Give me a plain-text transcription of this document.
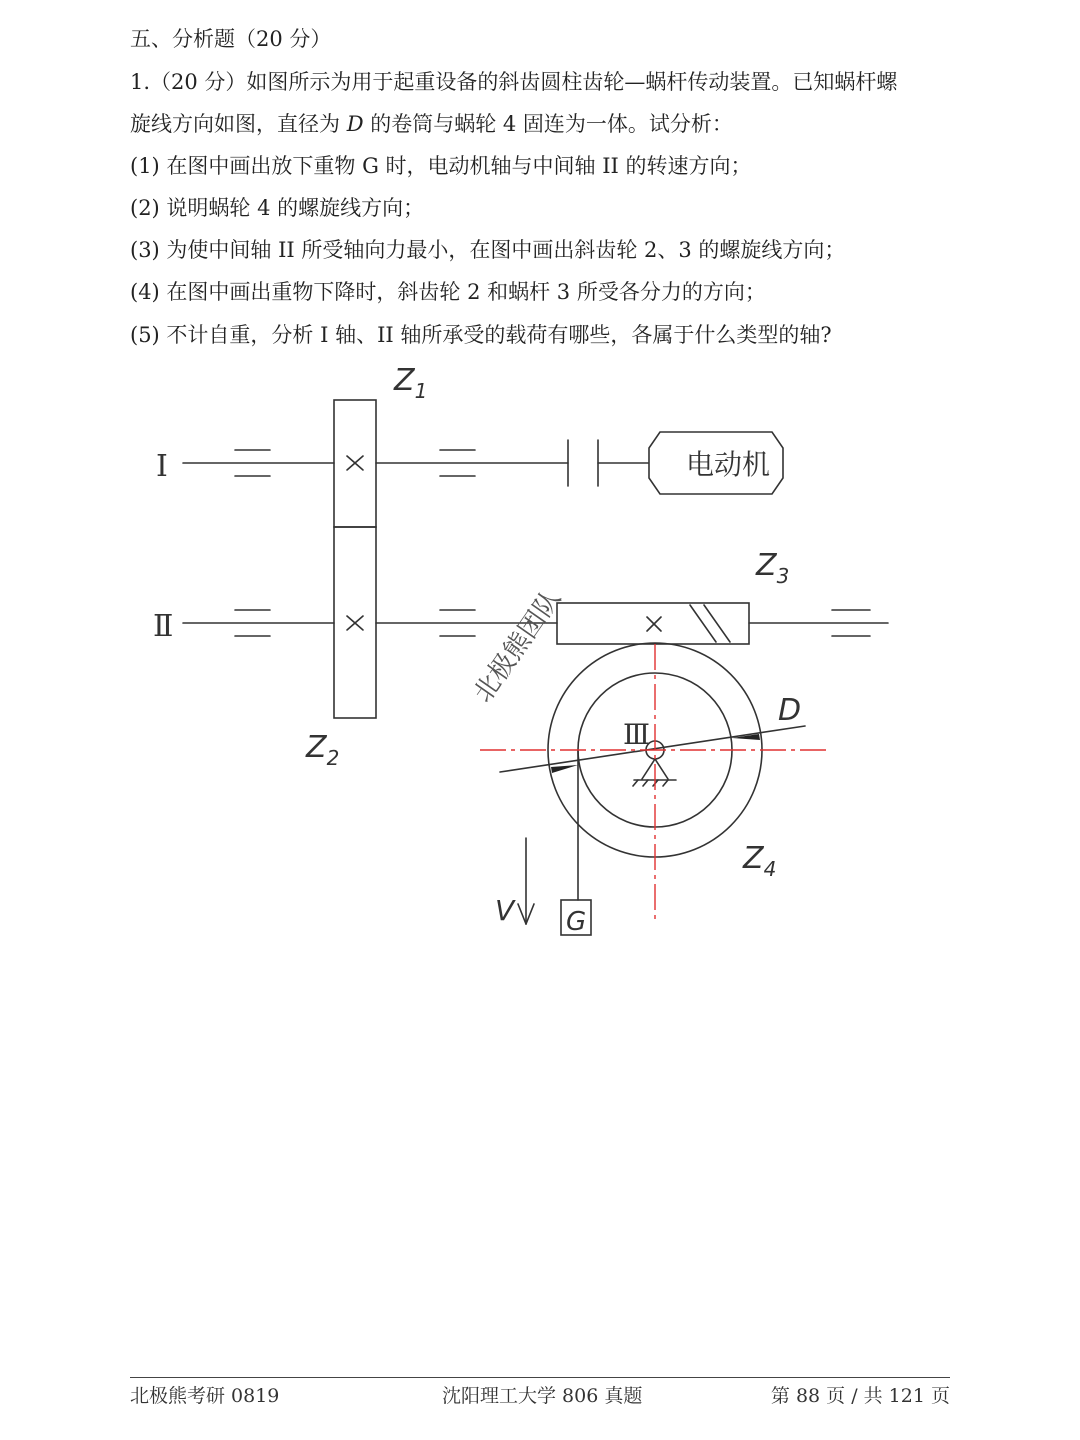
五、分析题（20 分）

1.（20 分）如图所示为用于起重设备的斜齿圆柱齿轮—蜗杆传动装置。已知蜗杆螺

旋线方向如图，直径为 D 的卷筒与蜗轮 4 固连为一体。试分析：

(1) 在图中画出放下重物 G 时，电动机轴与中间轴 II 的转速方向；

(2) 说明蜗轮 4 的螺旋线方向；

(3) 为使中间轴 II 所受轴向力最小，在图中画出斜齿轮 2、3 的螺旋线方向；

(4) 在图中画出重物下降时，斜齿轮 2 和蜗杆 3 所受各分力的方向；

(5) 不计自重，分析 I 轴、II 轴所承受的载荷有哪些，各属于什么类型的轴?

I
Ⅱ
Ⅲ
$Z_1$
$Z_2$
$Z_3$
$Z_4$
D
V G
电动机
北极熊团队
北极熊考研 0819	沈阳理工大学 806 真题	第 88 页 / 共 121 页
